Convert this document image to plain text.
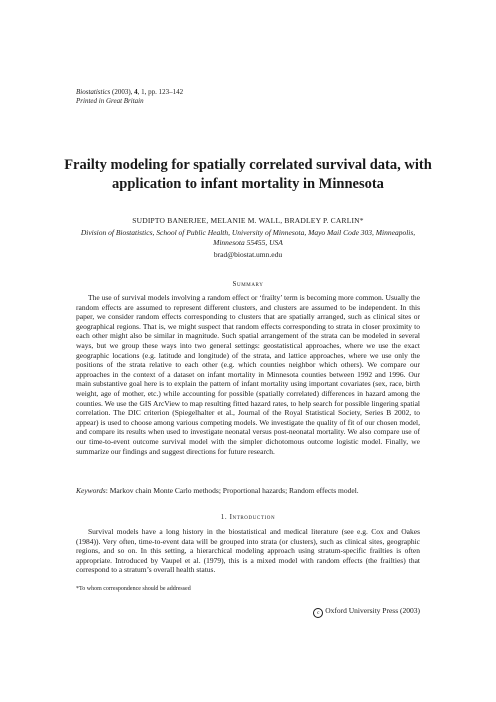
Biostatistics (2003), 4, 1, pp. 123–142
Printed in Great Britain
Frailty modeling for spatially correlated survival data, with application to infant mortality in Minnesota
SUDIPTO BANERJEE, MELANIE M. WALL, BRADLEY P. CARLIN*
Division of Biostatistics, School of Public Health, University of Minnesota, Mayo Mail Code 303, Minneapolis, Minnesota 55455, USA
brad@biostat.umn.edu
Summary
The use of survival models involving a random effect or ‘frailty’ term is becoming more common. Usually the random effects are assumed to represent different clusters, and clusters are assumed to be independent. In this paper, we consider random effects corresponding to clusters that are spatially arranged, such as clinical sites or geographical regions. That is, we might suspect that random effects corresponding to strata in closer proximity to each other might also be similar in magnitude. Such spatial arrangement of the strata can be modeled in several ways, but we group these ways into two general settings: geostatistical approaches, where we use the exact geographic locations (e.g. latitude and longitude) of the strata, and lattice approaches, where we use only the positions of the strata relative to each other (e.g. which counties neighbor which others). We compare our approaches in the context of a dataset on infant mortality in Minnesota counties between 1992 and 1996. Our main substantive goal here is to explain the pattern of infant mortality using important covariates (sex, race, birth weight, age of mother, etc.) while accounting for possible (spatially correlated) differences in hazard among the counties. We use the GIS ArcView to map resulting fitted hazard rates, to help search for possible lingering spatial correlation. The DIC criterion (Spiegelhalter et al., Journal of the Royal Statistical Society, Series B 2002, to appear) is used to choose among various competing models. We investigate the quality of fit of our chosen model, and compare its results when used to investigate neonatal versus post-neonatal mortality. We also compare use of our time-to-event outcome survival model with the simpler dichotomous outcome logistic model. Finally, we summarize our findings and suggest directions for future research.
Keywords: Markov chain Monte Carlo methods; Proportional hazards; Random effects model.
1. Introduction
Survival models have a long history in the biostatistical and medical literature (see e.g. Cox and Oakes (1984)). Very often, time-to-event data will be grouped into strata (or clusters), such as clinical sites, geographic regions, and so on. In this setting, a hierarchical modeling approach using stratum-specific frailties is often appropriate. Introduced by Vaupel et al. (1979), this is a mixed model with random effects (the frailties) that correspond to a stratum’s overall health status.
*To whom correspondence should be addressed
c Oxford University Press (2003)
